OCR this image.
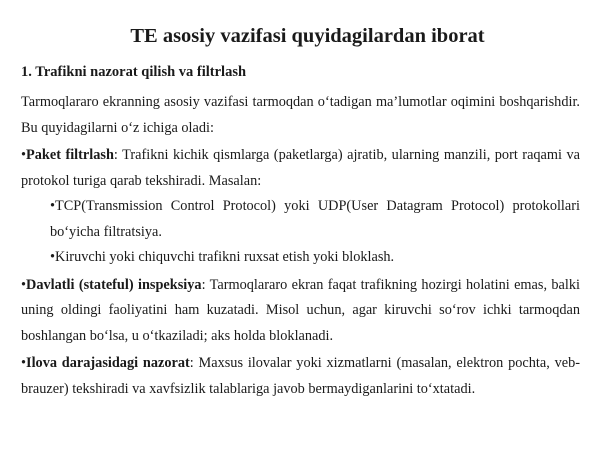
TE asosiy vazifasi quyidagilardan iborat
1. Trafikni nazorat qilish va filtrlash

Tarmoqlararo ekranning asosiy vazifasi tarmoqdan o‘tadigan ma’lumotlar oqimini boshqarishdir. Bu quyidagilarni o‘z ichiga oladi:

•Paket filtrlash: Trafikni kichik qismlarga (paketlarga) ajratib, ularning manzili, port raqami va protokol turiga qarab tekshiradi. Masalan:

•TCP(Transmission Control Protocol) yoki UDP(User Datagram Protocol) protokollari bo‘yicha filtratsiya.

•Kiruvchi yoki chiquvchi trafikni ruxsat etish yoki bloklash.

•Davlatli (stateful) inspeksiya: Tarmoqlararo ekran faqat trafikning hozirgi holatini emas, balki uning oldingi faoliyatini ham kuzatadi. Misol uchun, agar kiruvchi so‘rov ichki tarmoqdan boshlangan bo‘lsa, u o‘tkaziladi; aks holda bloklanadi.

•Ilova darajasidagi nazorat: Maxsus ilovalar yoki xizmatlarni (masalan, elektron pochta, veb-brauzer) tekshiradi va xavfsizlik talablariga javob bermaydiganlarini to‘xtatadi.
